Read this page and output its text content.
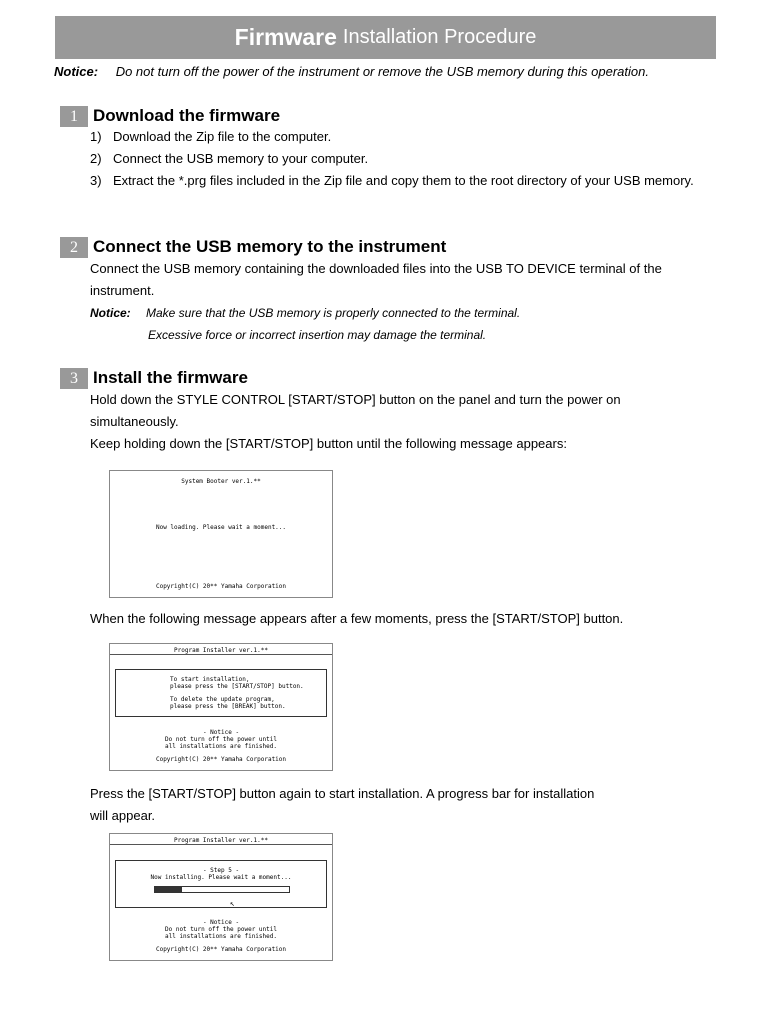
Firmware Installation Procedure
Notice: Do not turn off the power of the instrument or remove the USB memory during this operation.
1 Download the firmware
1) Download the Zip file to the computer.
2) Connect the USB memory to your computer.
3) Extract the *.prg files included in the Zip file and copy them to the root directory of your USB memory.
2 Connect the USB memory to the instrument
Connect the USB memory containing the downloaded files into the USB TO DEVICE terminal of the
instrument.
Notice: Make sure that the USB memory is properly connected to the terminal.
Excessive force or incorrect insertion may damage the terminal.
3 Install the firmware
Hold down the STYLE CONTROL [START/STOP] button on the panel and turn the power on
simultaneously.
Keep holding down the [START/STOP] button until the following message appears:
System Booter ver.1.**
Now loading. Please wait a moment...
Copyright(C) 20** Yamaha Corporation
When the following message appears after a few moments, press the [START/STOP] button.
Program Installer ver.1.**
To start installation,
please press the [START/STOP] button.
To delete the update program,
please press the [BREAK] button.
- Notice -
Do not turn off the power until
all installations are finished.
Copyright(C) 20** Yamaha Corporation
Press the [START/STOP] button again to start installation. A progress bar for installation
will appear.
Program Installer ver.1.**
- Step 5 -
Now installing. Please wait a moment...
↖
- Notice -
Do not turn off the power until
all installations are finished.
Copyright(C) 20** Yamaha Corporation
